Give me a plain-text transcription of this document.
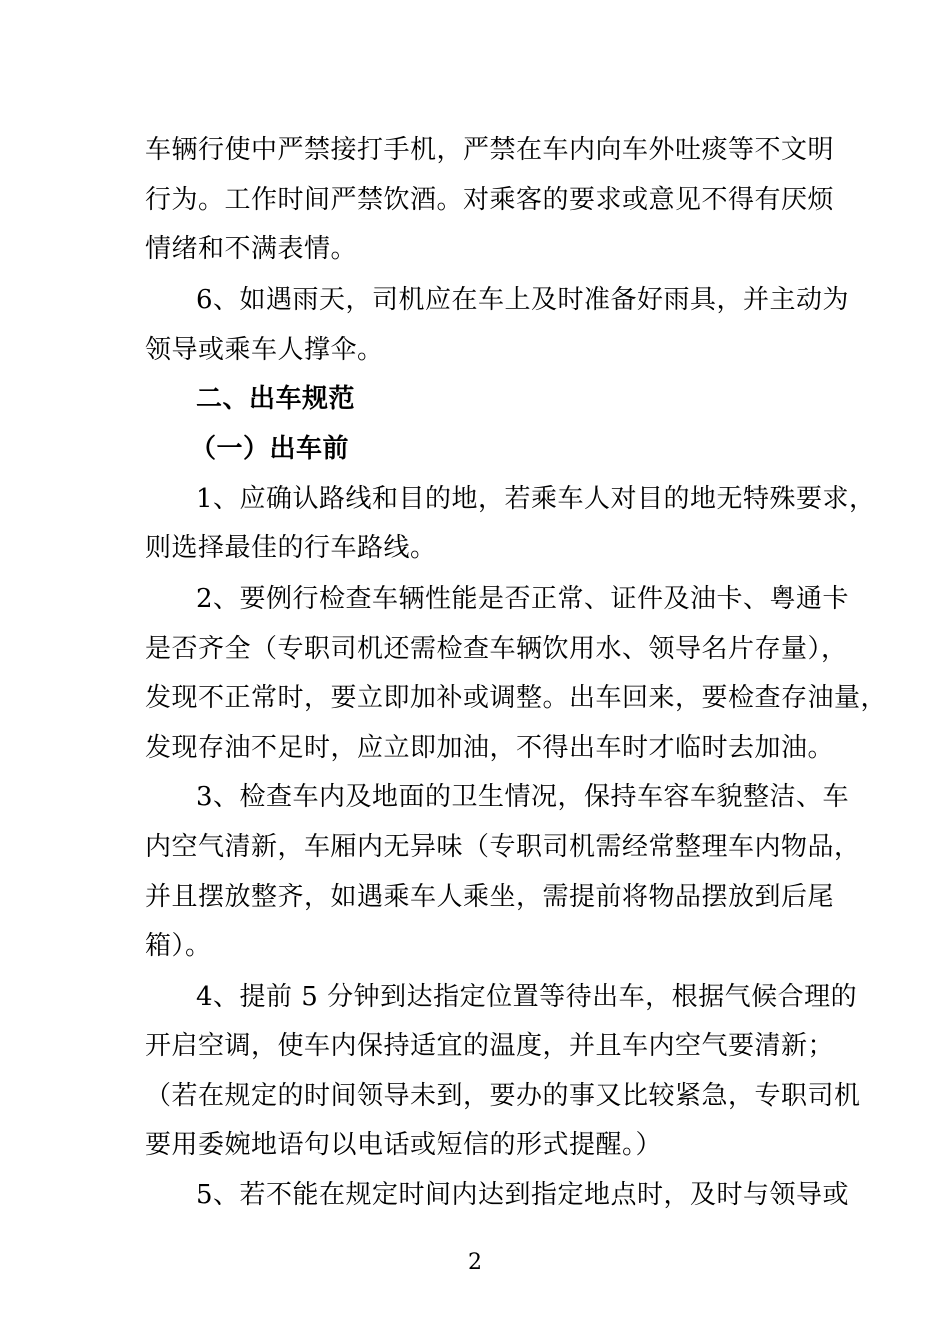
车辆行使中严禁接打手机，严禁在车内向车外吐痰等不文明
行为。工作时间严禁饮酒。对乘客的要求或意见不得有厌烦
情绪和不满表情。
6、如遇雨天，司机应在车上及时准备好雨具，并主动为
领导或乘车人撑伞。
二、出车规范
（一）出车前
1、应确认路线和目的地，若乘车人对目的地无特殊要求，
则选择最佳的行车路线。
2、要例行检查车辆性能是否正常、证件及油卡、粤通卡
是否齐全（专职司机还需检查车辆饮用水、领导名片存量），
发现不正常时，要立即加补或调整。出车回来，要检查存油量，
发现存油不足时，应立即加油，不得出车时才临时去加油。
3、检查车内及地面的卫生情况，保持车容车貌整洁、车
内空气清新，车厢内无异味（专职司机需经常整理车内物品，
并且摆放整齐，如遇乘车人乘坐，需提前将物品摆放到后尾
箱）。
4、提前 5 分钟到达指定位置等待出车，根据气候合理的
开启空调，使车内保持适宜的温度，并且车内空气要清新；
（若在规定的时间领导未到，要办的事又比较紧急，专职司机
要用委婉地语句以电话或短信的形式提醒。）
5、若不能在规定时间内达到指定地点时，及时与领导或
2
